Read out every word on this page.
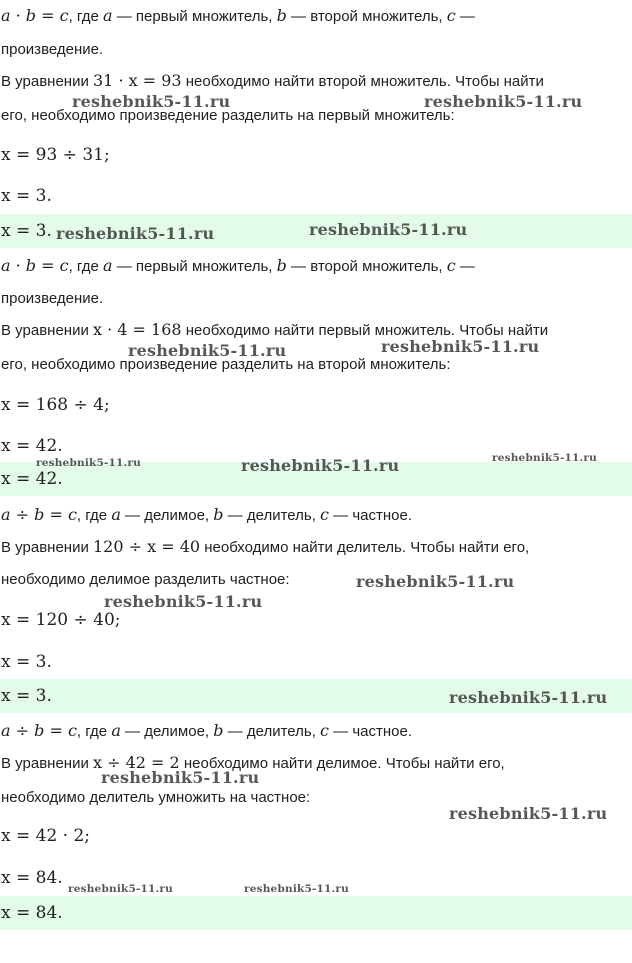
a · b = c, где a — первый множитель, b — второй множитель, c —
произведение.
В уравнении 31 · x = 93 необходимо найти второй множитель. Чтобы найти
его, необходимо произведение разделить на первый множитель:
x = 93 ÷ 31;
x = 3.
x = 3.
a · b = c, где a — первый множитель, b — второй множитель, c —
произведение.
В уравнении x · 4 = 168 необходимо найти первый множитель. Чтобы найти
его, необходимо произведение разделить на второй множитель:
x = 168 ÷ 4;
x = 42.
x = 42.
a ÷ b = c, где a — делимое, b — делитель, c — частное.
В уравнении 120 ÷ x = 40 необходимо найти делитель. Чтобы найти его,
необходимо делимое разделить частное:
x = 120 ÷ 40;
x = 3.
x = 3.
a ÷ b = c, где a — делимое, b — делитель, c — частное.
В уравнении x ÷ 42 = 2 необходимо найти делимое. Чтобы найти его,
необходимо делитель умножить на частное:
x = 42 · 2;
x = 84.
x = 84.
reshebnik5-11.ru	reshebnik5-11.ru
reshebnik5-11.ru	reshebnik5-11.ru
reshebnik5-11.ru	reshebnik5-11.ru
reshebnik5-11.ru	reshebnik5-11.ru	reshebnik5-11.ru
reshebnik5-11.ru
reshebnik5-11.ru
reshebnik5-11.ru
reshebnik5-11.ru
reshebnik5-11.ru
reshebnik5-11.ru	reshebnik5-11.ru
